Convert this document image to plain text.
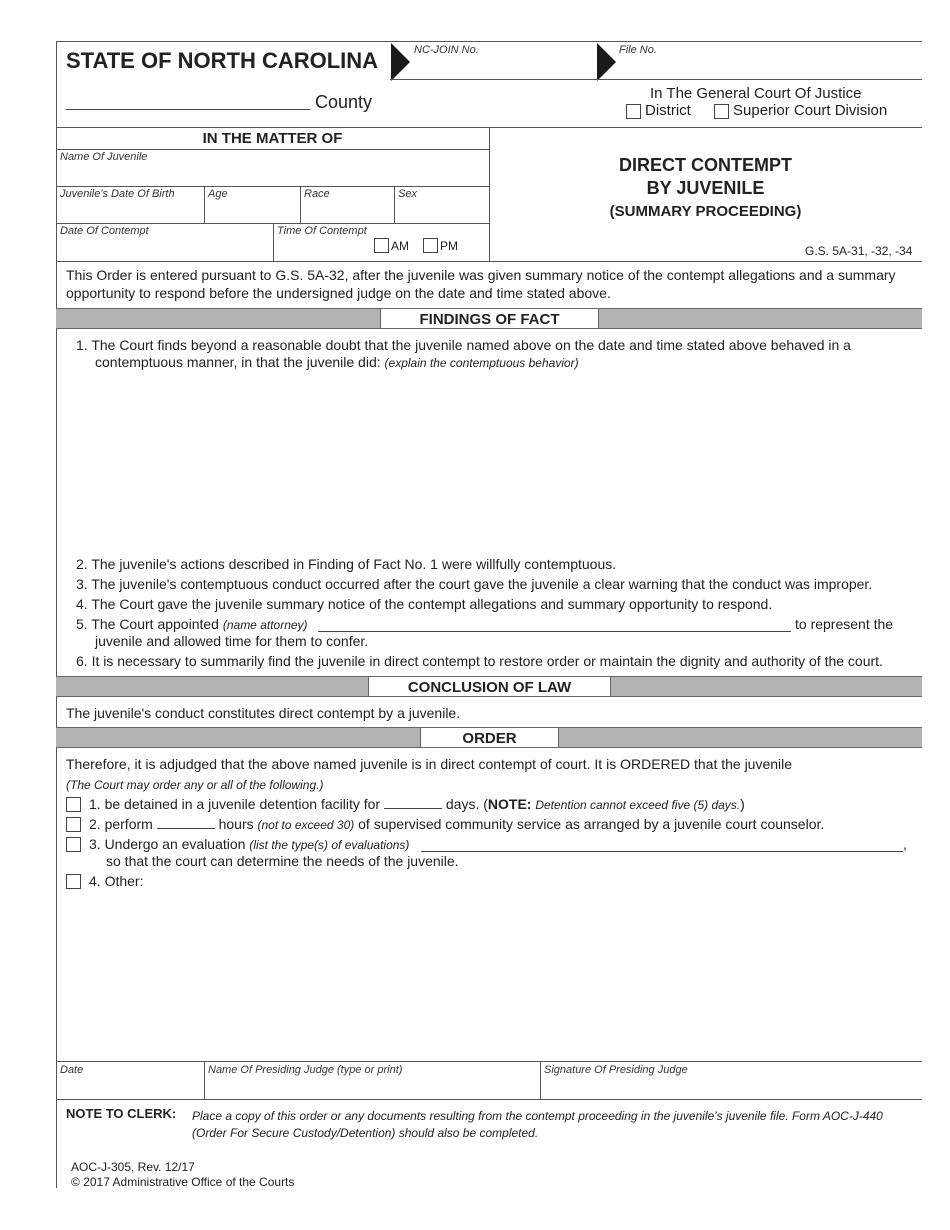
STATE OF NORTH CAROLINA	NC-JOIN No.	File No.
County	In The General Court Of Justice
District	Superior Court Division
IN THE MATTER OF
Name Of Juvenile
Juvenile's Date Of Birth	Age	Race	Sex
Date Of Contempt	Time Of Contempt
AM	PM
DIRECT CONTEMPT
BY JUVENILE
(SUMMARY PROCEEDING)
G.S. 5A-31, -32, -34
This Order is entered pursuant to G.S. 5A-32, after the juvenile was given summary notice of the contempt allegations and a summary
opportunity to respond before the undersigned judge on the date and time stated above.
FINDINGS OF FACT
1. The Court finds beyond a reasonable doubt that the juvenile named above on the date and time stated above behaved in a
contemptuous manner, in that the juvenile did: (explain the contemptuous behavior)
2. The juvenile's actions described in Finding of Fact No. 1 were willfully contemptuous.
3. The juvenile's contemptuous conduct occurred after the court gave the juvenile a clear warning that the conduct was improper.
4. The Court gave the juvenile summary notice of the contempt allegations and summary opportunity to respond.
5. The Court appointed (name attorney)	to represent the
juvenile and allowed time for them to confer.
6. It is necessary to summarily find the juvenile in direct contempt to restore order or maintain the dignity and authority of the court.
CONCLUSION OF LAW
The juvenile's conduct constitutes direct contempt by a juvenile.
ORDER
Therefore, it is adjudged that the above named juvenile is in direct contempt of court. It is ORDERED that the juvenile
(The Court may order any or all of the following.)
1. be detained in a juvenile detention facility for	days. (NOTE: Detention cannot exceed five (5) days.)
2. perform	hours (not to exceed 30) of supervised community service as arranged by a juvenile court counselor.
3. Undergo an evaluation (list the type(s) of evaluations)	,
so that the court can determine the needs of the juvenile.
4. Other:
Date	Name Of Presiding Judge (type or print)	Signature Of Presiding Judge
NOTE TO CLERK: Place a copy of this order or any documents resulting from the contempt proceeding in the juvenile's juvenile file. Form AOC-J-440
(Order For Secure Custody/Detention) should also be completed.
AOC-J-305, Rev. 12/17
© 2017 Administrative Office of the Courts
